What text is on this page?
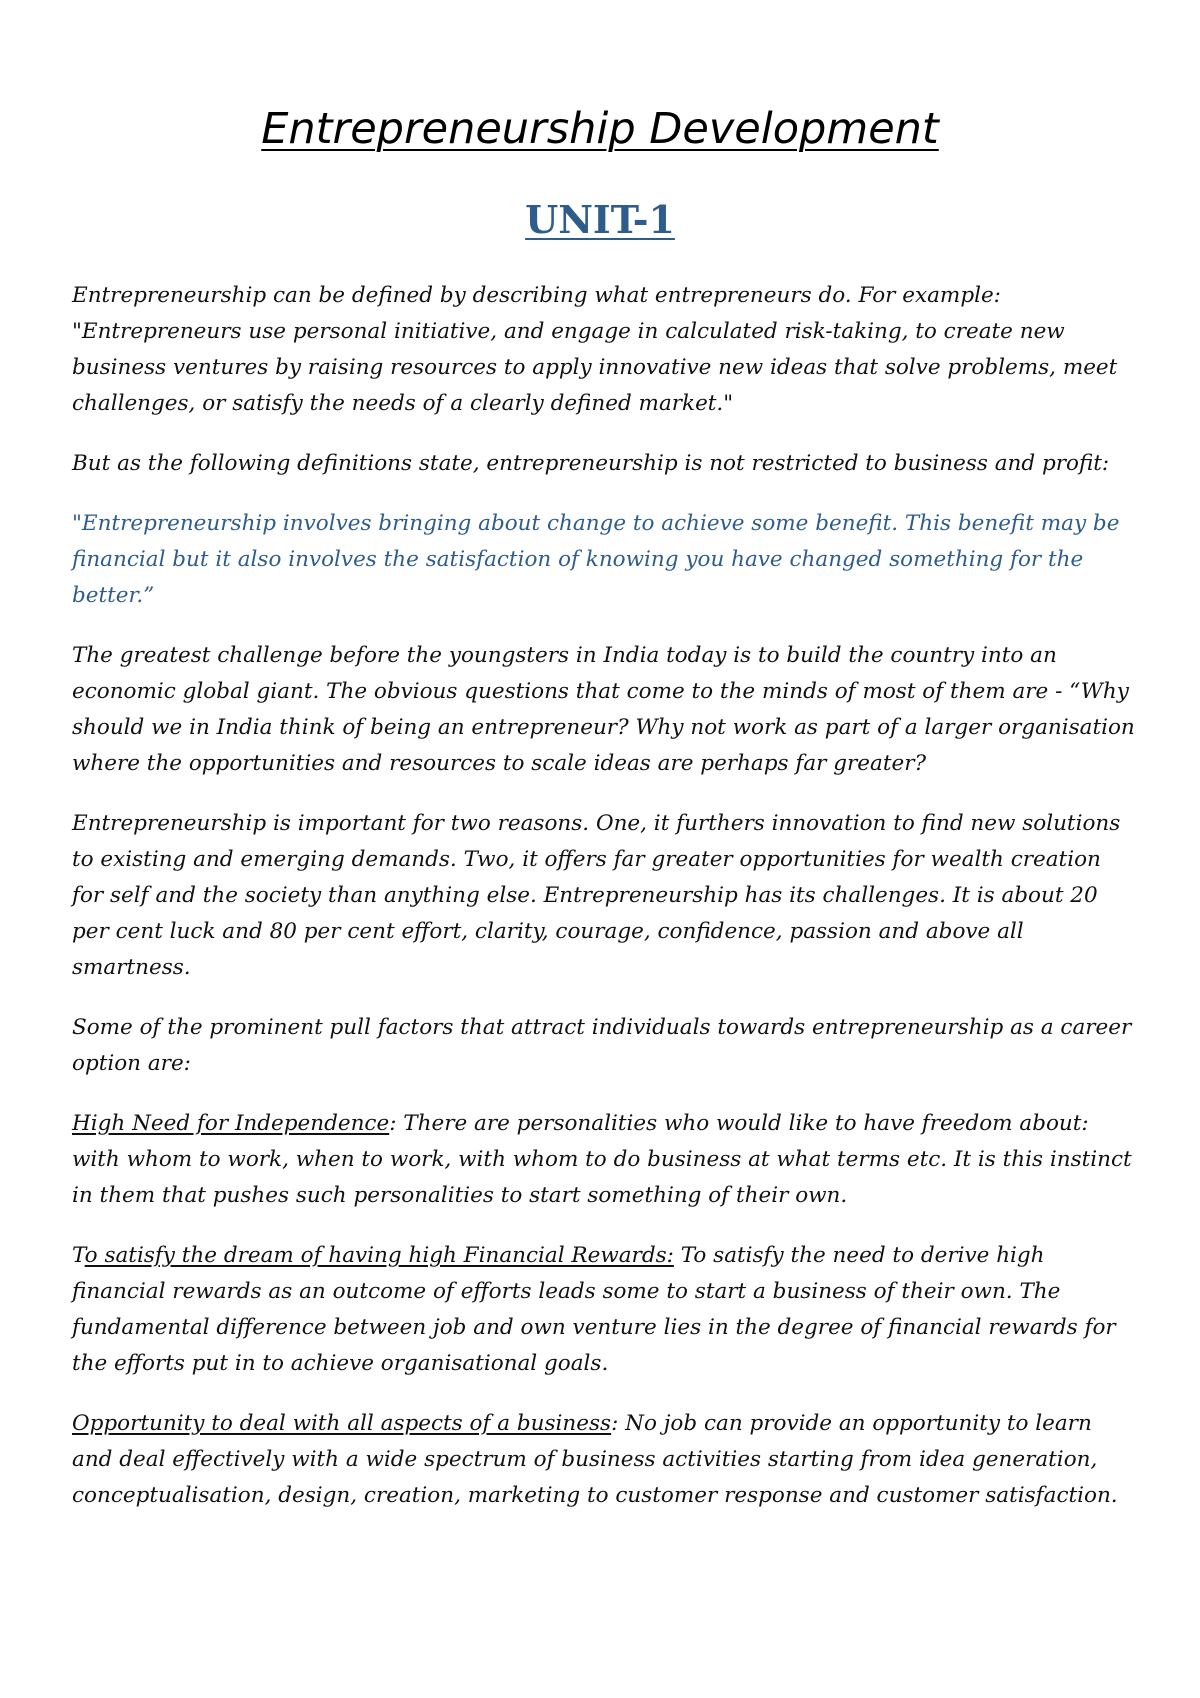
Entrepreneurship Development
UNIT-1

Entrepreneurship can be defined by describing what entrepreneurs do. For example: "Entrepreneurs use personal initiative, and engage in calculated risk-taking, to create new business ventures by raising resources to apply innovative new ideas that solve problems, meet challenges, or satisfy the needs of a clearly defined market."

But as the following definitions state, entrepreneurship is not restricted to business and profit:

"Entrepreneurship involves bringing about change to achieve some benefit. This benefit may be financial but it also involves the satisfaction of knowing you have changed something for the better.”

The greatest challenge before the youngsters in India today is to build the country into an economic global giant. The obvious questions that come to the minds of most of them are - “Why should we in India think of being an entrepreneur? Why not work as part of a larger organisation where the opportunities and resources to scale ideas are perhaps far greater?

Entrepreneurship is important for two reasons. One, it furthers innovation to find new solutions to existing and emerging demands. Two, it offers far greater opportunities for wealth creation for self and the society than anything else. Entrepreneurship has its challenges. It is about 20 per cent luck and 80 per cent effort, clarity, courage, confidence, passion and above all smartness.

Some of the prominent pull factors that attract individuals towards entrepreneurship as a career option are:

High Need for Independence: There are personalities who would like to have freedom about: with whom to work, when to work, with whom to do business at what terms etc. It is this instinct in them that pushes such personalities to start something of their own.

To satisfy the dream of having high Financial Rewards: To satisfy the need to derive high financial rewards as an outcome of efforts leads some to start a business of their own. The fundamental difference between job and own venture lies in the degree of financial rewards for the efforts put in to achieve organisational goals.

Opportunity to deal with all aspects of a business: No job can provide an opportunity to learn and deal effectively with a wide spectrum of business activities starting from idea generation, conceptualisation, design, creation, marketing to customer response and customer satisfaction.
